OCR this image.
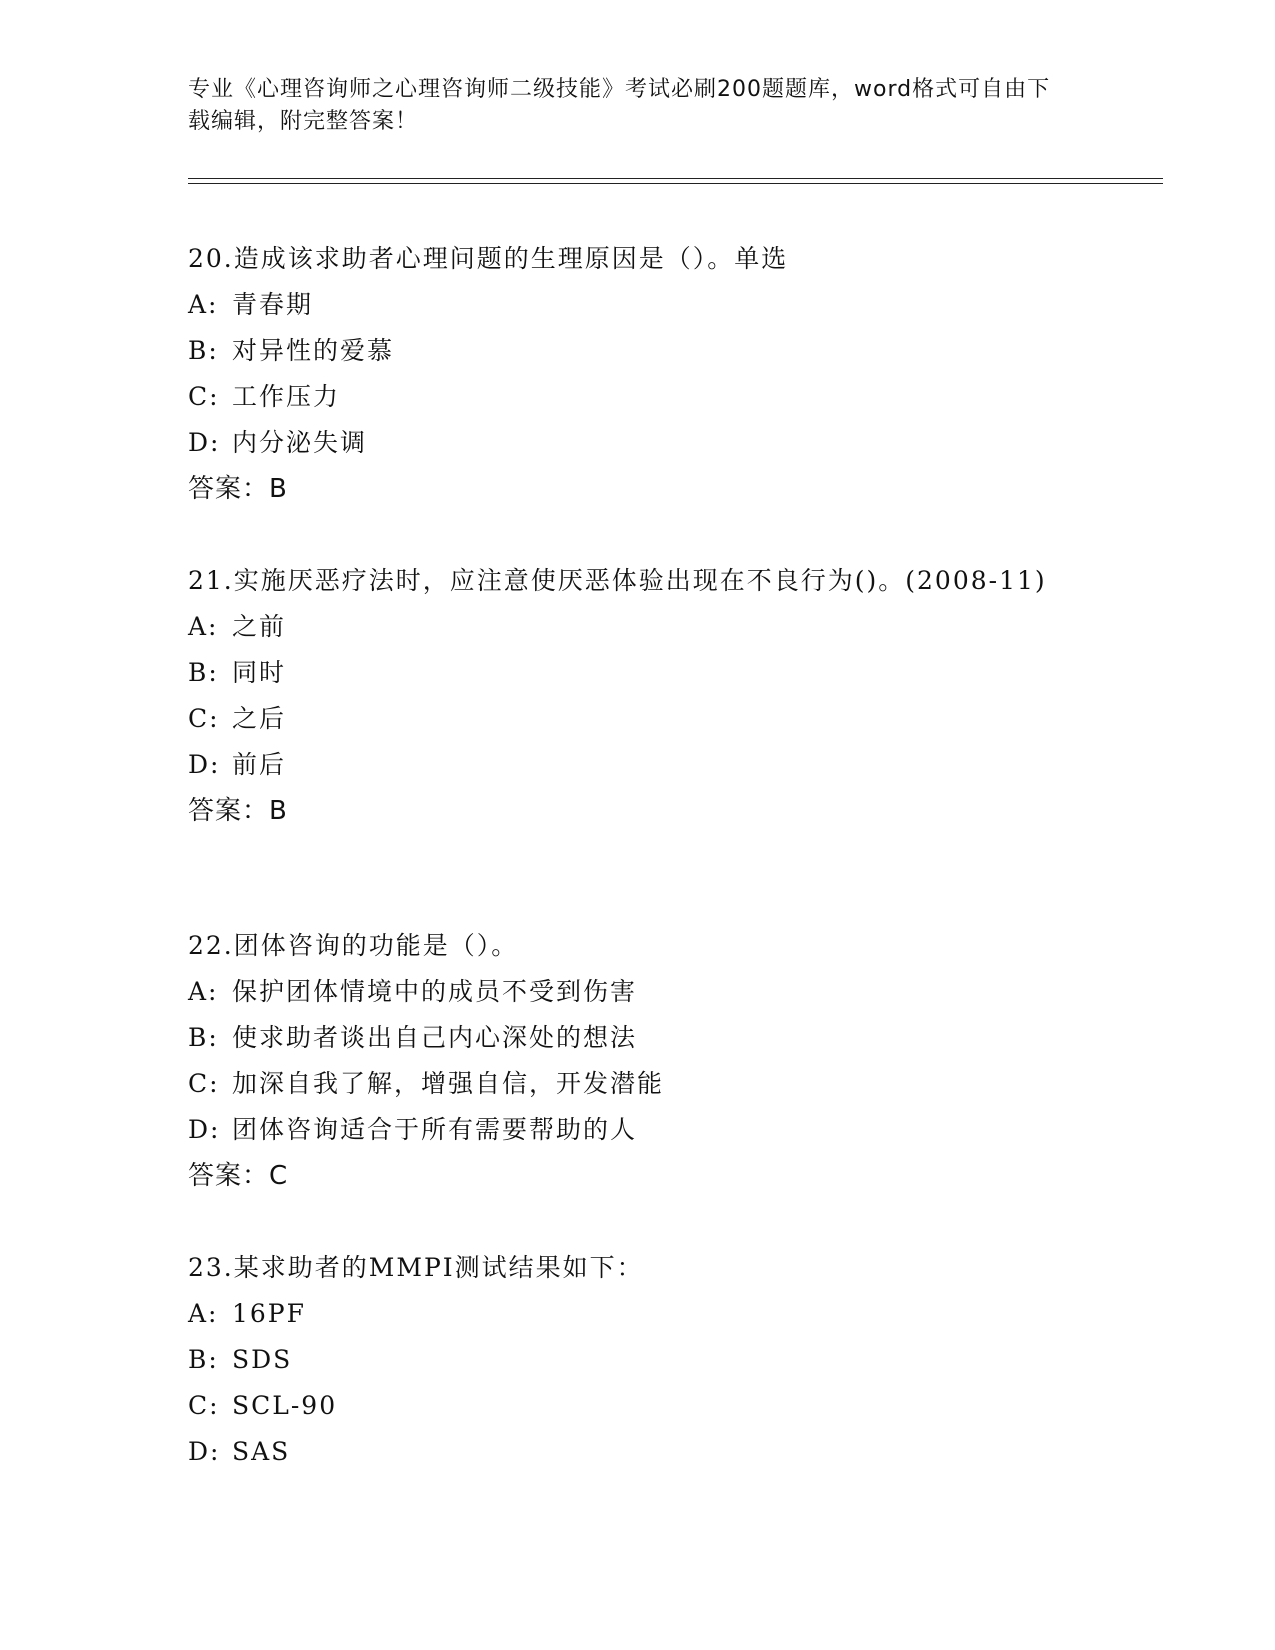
专业《心理咨询师之心理咨询师二级技能》考试必刷200题题库，word格式可自由下载编辑，附完整答案！
20.造成该求助者心理问题的生理原因是（）。单选
A: 青春期
B: 对异性的爱慕
C: 工作压力
D: 内分泌失调
答案：B
21.实施厌恶疗法时，应注意使厌恶体验出现在不良行为()。(2008-11)
A: 之前
B: 同时
C: 之后
D: 前后
答案：B
22.团体咨询的功能是（）。
A: 保护团体情境中的成员不受到伤害
B: 使求助者谈出自己内心深处的想法
C: 加深自我了解，增强自信，开发潜能
D: 团体咨询适合于所有需要帮助的人
答案：C
23.某求助者的MMPI测试结果如下：
A: 16PF
B: SDS
C: SCL-90
D: SAS
